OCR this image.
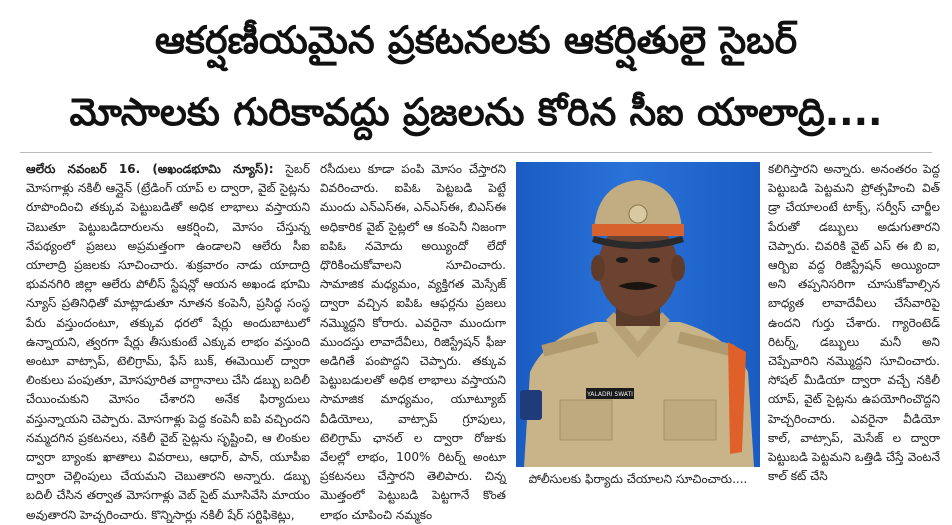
ఆకర్షణీయమైన ప్రకటనలకు ఆకర్షితులై సైబర్
మోసాలకు గురికావద్దు ప్రజలను కోరిన సీఐ యాలాద్రి....

ఆలేరు నవంబర్ 16. (అఖండభూమి న్యూస్): సైబర్ మోసగాళ్లు నకిలీ ఆన్లైన్ (ట్రేడింగ్ యాప్ ల ద్వారా, వైబ్ సైట్లను రూపొందించి తక్కువ పెట్టుబడితో అధిక లాభాలు వస్తాయని చెబుతూ పెట్టుబడిదారులను ఆకర్షించి, మోసం చేస్తున్న నేపథ్యంలో ప్రజలు అప్రమత్తంగా ఉండాలని ఆలేరు సీఐ యాలాద్రి ప్రజలకు సూచించారు. శుక్రవారం నాడు యాదాద్రి భువనగిరి జిల్లా ఆలేరు పోలీస్ స్టేషన్లో ఆయన అఖండ భూమి న్యూస్ ప్రతినిధితో మాట్లాడుతూ నూతన కంపెనీ, ప్రసిద్ధ సంస్థ పేరు వస్తుందంటూ, తక్కువ ధరలో షేర్లు అందుబాటులో ఉన్నాయని, త్వరగా షేర్లు తీసుకుంటే ఎక్కువ లాభం వస్తుంది అంటూ వాట్సాప్, టెలిగ్రామ్, ఫేస్ బుక్, ఈమెయిల్ ద్వారా లింకులు పంపుతూ, మోసపూరిత వాగ్దానాలు చేసి డబ్బు బదిలీ చేయించుకుని మోసం చేశారని అనేక ఫిర్యాదులు వస్తున్నాయని చెప్పారు. మోసగాళ్లు పెద్ద కంపెనీ ఐపి వచ్చిందని నమ్మదగిన ప్రకటనలు, నకిలీ వైబ్ సైట్లను సృష్టించి, ఆ లింకుల ద్వారా బ్యాంకు ఖాతాలు వివరాలు, ఆధార్, పాన్, యూపీఐ ద్వారా చెల్లింపులు చేయమని చెబుతారని అన్నారు. డబ్బు బదిలీ చేసిన తర్వాత మోసగాళ్లు వెబ్ సైట్ మూసివేసి మాయం అవుతారని హెచ్చరించారు. కొన్నిసార్లు నకిలీ షేర్ సర్టిఫికెట్లు,

రసీదులు కూడా పంపి మోసం చేస్తారని వివరించారు. ఐపిఓ పెట్టబడి పెట్టే ముందు ఎన్ఎస్ఈ, ఎన్ఎస్ఈ, బిఎస్ఈ అధికారిక వైబ్ సైట్లలో ఆ కంపెనీ నిజంగా ఐపిఓ నమోదు అయ్యిందో లేదో ధొరికించుకోవాలని సూచించారు. సామాజిక మధ్యమం, వ్యక్తిగత మెస్సేజ్ ద్వారా వచ్చిన ఐపిఓ ఆఫర్లను ప్రజలు నమ్మొద్దని కోరారు. ఎవరైనా ముందుగా ముందస్తు లావాదేవీలు, రిజిస్ట్రేషన్ ఫీజు అడిగితే పంపొద్దని చెప్పారు. తక్కువ పెట్టుబడులతో అధిక లాభాలు వస్తాయని సామాజిక మాధ్యమం, యూట్యూబ్ వీడియోలు, వాట్సాప్ గ్రూపులు, టెలిగ్రామ్ ఛానల్ ల ద్వారా రోజుకు వేలల్లో లాభం, 100% రిటర్న్ అంటూ ప్రకటనలు చేస్తారని తెలిపారు. చిన్న మొత్తంలో పెట్టుబడి పెట్టగానే కొంత లాభం చూపించి నమ్మకం

YALADRI SWATI
పోలీసులకు ఫిర్యాదు చేయాలని సూచించారు....

కలిగిస్తారని అన్నారు. అనంతరం పెద్ద పెట్టుబడి పెట్టమని ప్రోత్సహించి విత్ డ్రా చేయాలంటే టాక్స్, సర్వీస్ చార్జీల పేరుతో డబ్బులు అడుగుతారని చెప్పారు. చివరికి వైట్ ఎస్ ఈ బి ఐ, ఆర్బిఐ వద్ద రిజిస్ట్రేషన్ అయ్యిందా అని తప్పనిసరిగా చూసుకోవాల్సిన బాధ్యత లావాదేవీలు చేసేవారిపై ఉందని గుర్తు చేశారు. గ్యారెంటెడ్ రిటర్న్, డబ్బులు మనీ అని చెప్పేవారిని నమ్మొద్దని సూచించారు. సోషల్ మీడియా ద్వారా వచ్చే నకిలీ యాప్, వైట్ సైట్లను ఉపయోగించొద్దని హెచ్చరించారు. ఎవరైనా వీడియో కాల్, వాట్సాప్, మెసేజ్ ల ద్వారా పెట్టుబడి పెట్టమని ఒత్తిడి చేస్తే వెంటనే కాల్ కట్ చేసి
